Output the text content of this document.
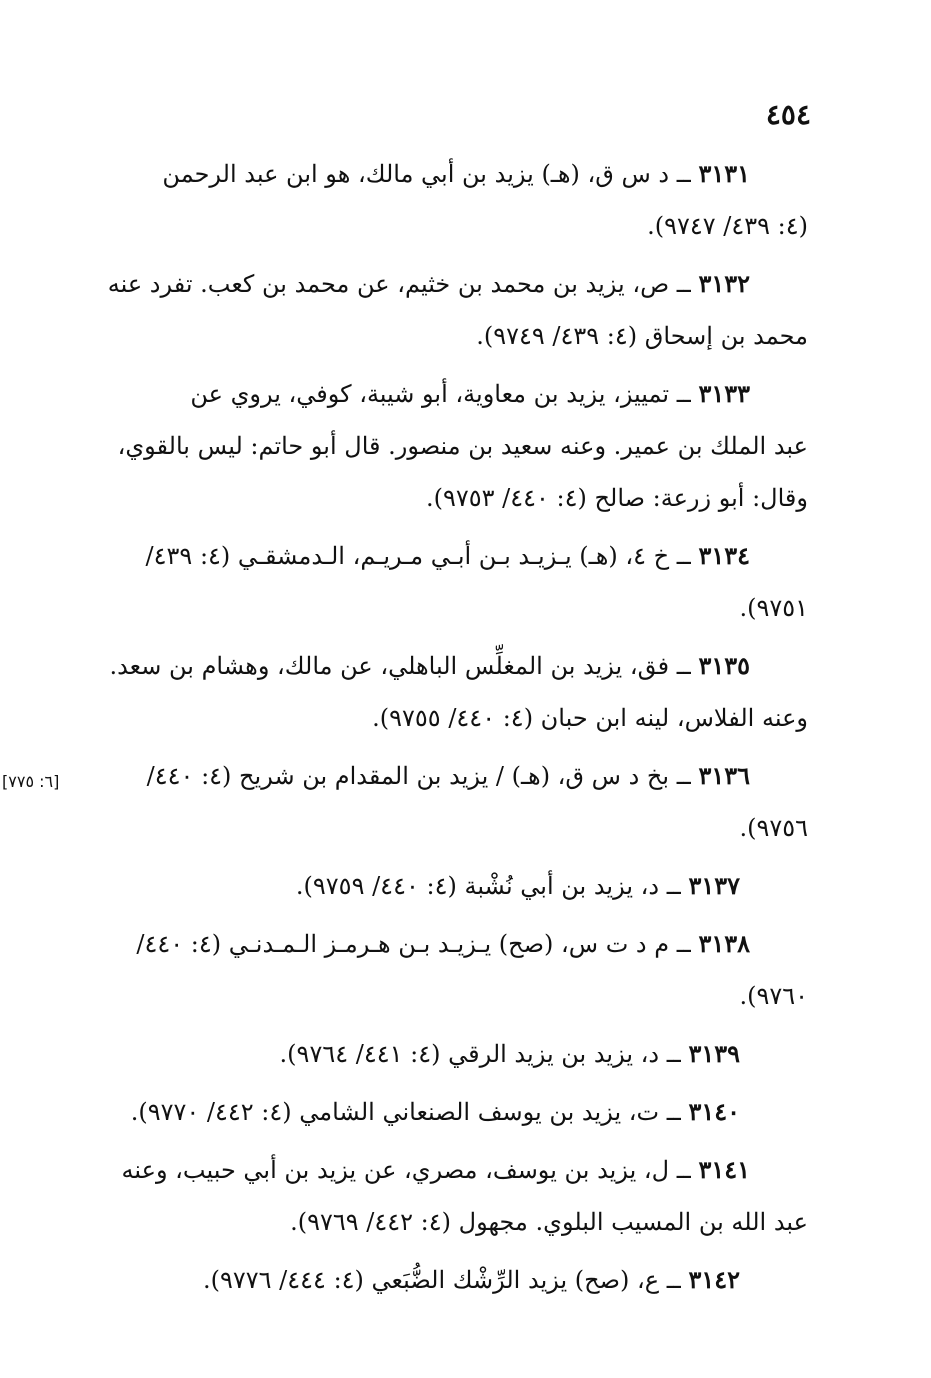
٤٥٤
٣١٣١ ــ د س ق، (هـ) يزيد بن أبي مالك، هو ابن عبد الرحمن
(٤: ٤٣٩/ ٩٧٤٧).
٣١٣٢ ــ ص، يزيد بن محمد بن خثيم، عن محمد بن كعب. تفرد عنه
محمد بن إسحاق (٤: ٤٣٩/ ٩٧٤٩).
٣١٣٣ ــ تمييز، يزيد بن معاوية، أبو شيبة، كوفي، يروي عن
عبد الملك بن عمير. وعنه سعيد بن منصور. قال أبو حاتم: ليس بالقوي،
وقال: أبو زرعة: صالح (٤: ٤٤٠/ ٩٧٥٣).
٣١٣٤ ــ خ ٤، (هـ) يـزيـد بـن أبـي مـريـم، الـدمشقـي (٤: ٤٣٩/
٩٧٥١).
٣١٣٥ ــ فق، يزيد بن المغلِّس الباهلي، عن مالك، وهشام بن سعد.
وعنه الفلاس، لينه ابن حبان (٤: ٤٤٠/ ٩٧٥٥).
[٦: ٧٧٥]	٣١٣٦ ــ بخ د س ق، (هـ) / يزيد بن المقدام بن شريح (٤: ٤٤٠/
٩٧٥٦).
٣١٣٧ ــ د، يزيد بن أبي نُشْبة (٤: ٤٤٠/ ٩٧٥٩).
٣١٣٨ ــ م د ت س، (صح) يـزيـد بـن هـرمـز الـمـدنـي (٤: ٤٤٠/
٩٧٦٠).
٣١٣٩ ــ د، يزيد بن يزيد الرقي (٤: ٤٤١/ ٩٧٦٤).
٣١٤٠ ــ ت، يزيد بن يوسف الصنعاني الشامي (٤: ٤٤٢/ ٩٧٧٠).
٣١٤١ ــ ل، يزيد بن يوسف، مصري، عن يزيد بن أبي حبيب، وعنه
عبد الله بن المسيب البلوي. مجهول (٤: ٤٤٢/ ٩٧٦٩).
٣١٤٢ ــ ع، (صح) يزيد الرِّشْك الضُّبَعي (٤: ٤٤٤/ ٩٧٧٦).
